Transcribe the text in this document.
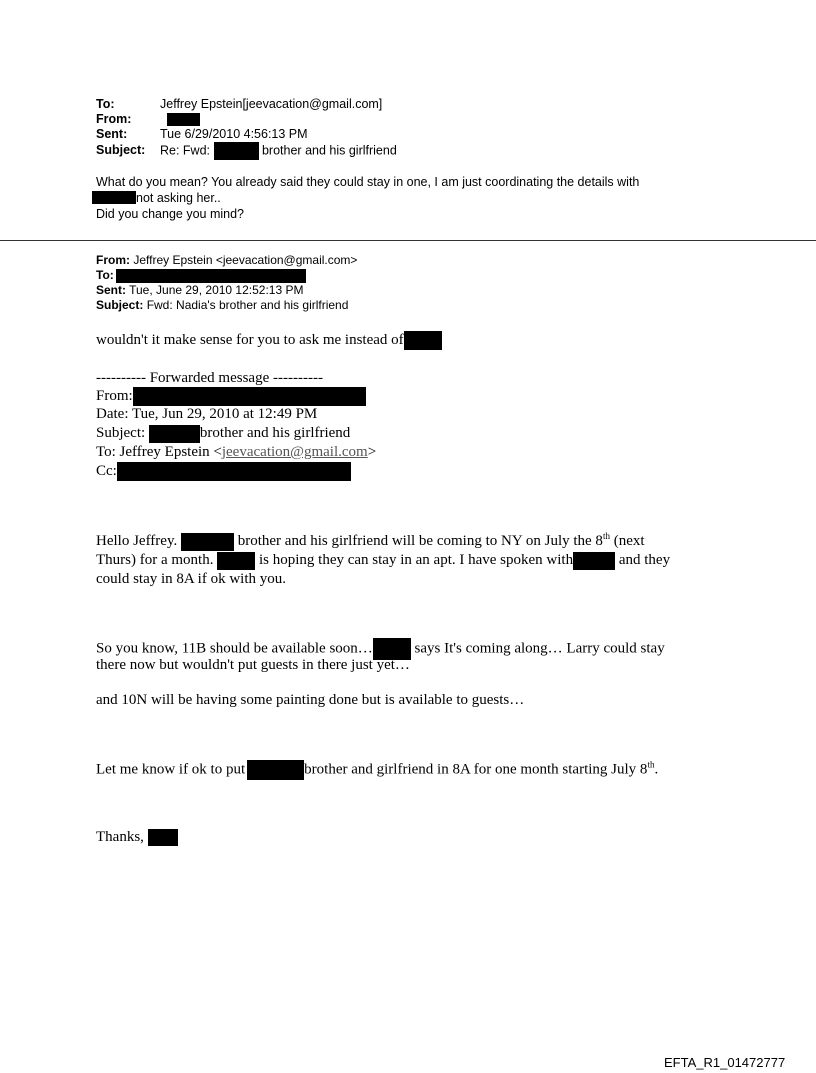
To:	Jeffrey Epstein[jeevacation@gmail.com]
From:
Sent:	Tue 6/29/2010 4:56:13 PM
Subject: Re: Fwd:	brother and his girlfriend
What do you mean? You already said they could stay in one, I am just coordinating the details with
not asking her..
Did you change you mind?
From: Jeffrey Epstein <jeevacation@gmail.com>
To:
Sent: Tue, June 29, 2010 12:52:13 PM
Subject: Fwd: Nadia's brother and his girlfriend
wouldn't it make sense for you to ask me instead of
---------- Forwarded message ----------
From:
Date: Tue, Jun 29, 2010 at 12:49 PM
Subject:	brother and his girlfriend
To: Jeffrey Epstein <jeevacation@gmail.com>
Cc:
Hello Jeffrey.	brother and his girlfriend will be coming to NY on July the 8th (next
Thurs) for a month.	is hoping they can stay in an apt. I have spoken with	and they
could stay in 8A if ok with you.
So you know, 11B should be available soon…	says It's coming along… Larry could stay
there now but wouldn't put guests in there just yet…
and 10N will be having some painting done but is available to guests…
Let me know if ok to put	brother and girlfriend in 8A for one month starting July 8th.
Thanks,
EFTA_R1_01472777
